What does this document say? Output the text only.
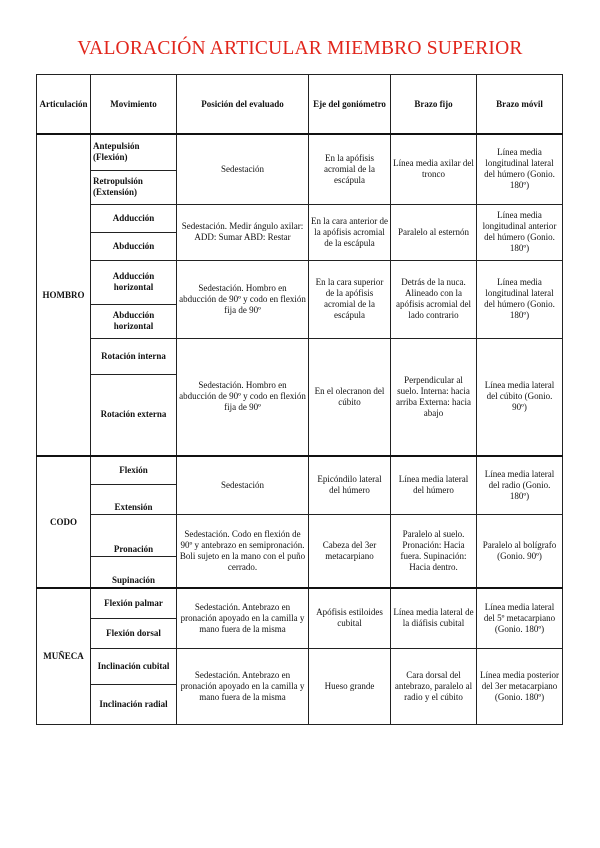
VALORACIÓN ARTICULAR MIEMBRO SUPERIOR
Articulación	Movimiento	Posición del evaluado	Eje del goniómetro	Brazo fijo	Brazo móvil
HOMBRO	Antepulsión (Flexión)	Sedestación	En la apófisis acromial de la escápula	Línea media axilar del tronco	Línea media longitudinal lateral del húmero (Gonio. 180º)
	Retropulsión (Extensión)				
	Adducción	Sedestación. Medir ángulo axilar: ADD: Sumar ABD: Restar	En la cara anterior de la apófisis acromial de la escápula	Paralelo al esternón	Línea media longitudinal anterior del húmero (Gonio. 180º)
	Abducción				
	Adducción horizontal	Sedestación. Hombro en abducción de 90º y codo en flexión fija de 90º	En la cara superior de la apófisis acromial de la escápula	Detrás de la nuca. Alineado con la apófisis acromial del lado contrario	Línea media longitudinal lateral del húmero (Gonio. 180º)
	Abducción horizontal				
	Rotación interna	Sedestación. Hombro en abducción de 90º y codo en flexión fija de 90º	En el olecranon del cúbito	Perpendicular al suelo. Interna: hacia arriba Externa: hacia abajo	Línea media lateral del cúbito (Gonio. 90º)
	Rotación externa				
CODO	Flexión	Sedestación	Epicóndilo lateral del húmero	Línea media lateral del húmero	Línea media lateral del radio (Gonio. 180º)
	Extensión				
	Pronación	Sedestación. Codo en flexión de 90º y antebrazo en semipronación. Boli sujeto en la mano con el puño cerrado.	Cabeza del 3er metacarpiano	Paralelo al suelo. Pronación: Hacia fuera. Supinación: Hacia dentro.	Paralelo al bolígrafo (Gonio. 90º)
	Supinación				
MUÑECA	Flexión palmar	Sedestación. Antebrazo en pronación apoyado en la camilla y mano fuera de la misma	Apófisis estiloides cubital	Línea media lateral de la diáfisis cubital	Línea media lateral del 5º metacarpiano (Gonio. 180º)
	Flexión dorsal				
	Inclinación cubital	Sedestación. Antebrazo en pronación apoyado en la camilla y mano fuera de la misma	Hueso grande	Cara dorsal del antebrazo, paralelo al radio y el cúbito	Línea media posterior del 3er metacarpiano (Gonio. 180º)
	Inclinación radial				
